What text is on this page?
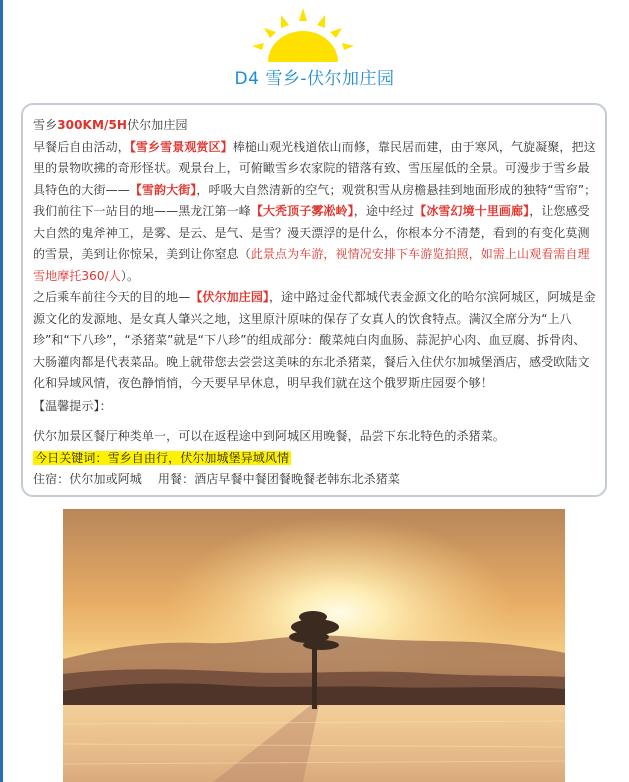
D4 雪乡-伏尔加庄园

雪乡300KM/5H伏尔加庄园

早餐后自由活动，【雪乡雪景观赏区】棒槌山观光栈道依山而修，靠民居而建，由于寒风，气旋凝聚，把这里的景物吹拂的奇形怪状。观景台上，可俯瞰雪乡农家院的错落有致、雪压屋低的全景。可漫步于雪乡最具特色的大街——【雪韵大街】，呼吸大自然清新的空气；观赏积雪从房檐悬挂到地面形成的独特“雪帘”；我们前往下一站目的地——黑龙江第一峰【大秃顶子雾凇岭】，途中经过【冰雪幻境十里画廊】，让您感受大自然的鬼斧神工，是雾、是云、是气、是雪？漫天漂浮的是什么，你根本分不清楚，看到的有变化莫测的雪景，美到让你惊呆，美到让你窒息（此景点为车游，视情况安排下车游览拍照，如需上山观看需自理雪地摩托360/人）。

之后乘车前往今天的目的地—【伏尔加庄园】，途中路过金代都城代表金源文化的哈尔滨阿城区，阿城是金源文化的发源地、是女真人肇兴之地，这里原汁原味的保存了女真人的饮食特点。满汉全席分为“上八珍”和“下八珍”，“杀猪菜”就是“下八珍”的组成部分：酸菜炖白肉血肠、蒜泥护心肉、血豆腐、拆骨肉、大肠灌肉都是代表菜品。晚上就带您去尝尝这美味的东北杀猪菜，餐后入住伏尔加城堡酒店，感受欧陆文化和异域风情，夜色静悄悄，今天要早早休息，明早我们就在这个俄罗斯庄园耍个够！

【温馨提示】：

伏尔加景区餐厅种类单一，可以在返程途中到阿城区用晚餐，品尝下东北特色的杀猪菜。

今日关键词：雪乡自由行，伏尔加城堡异域风情

住宿：伏尔加或阿城　 用餐：酒店早餐中餐团餐晚餐老韩东北杀猪菜
